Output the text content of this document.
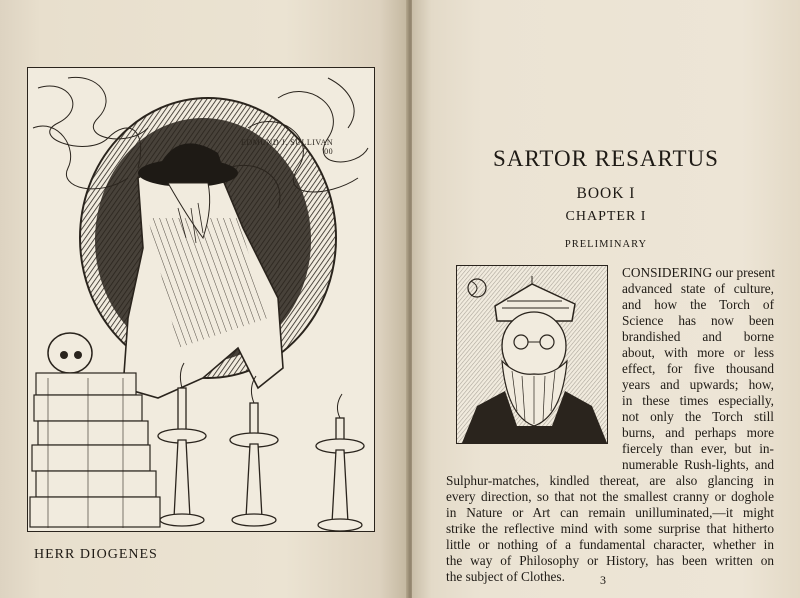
EDMUND J. SULLIVAN
'00
HERR DIOGENES
SARTOR RESARTUS
BOOK I
CHAPTER I
PRELIMINARY
CONSIDERING our present
advanced state of culture,
and how the Torch of
Science has now been
brandished and borne
about, with more or less
effect, for five thousand
years and upwards; how,
in these times especially,
not only the Torch still
burns, and perhaps more
fiercely than ever, but in-
numerable Rush-lights, and
Sulphur-matches, kindled thereat, are also glancing in
every direction, so that not the smallest cranny or doghole
in Nature or Art can remain unilluminated,—it might
strike the reflective mind with some surprise that hitherto
little or nothing of a fundamental character, whether in
the way of Philosophy or History, has been written on
the subject of Clothes.	3
